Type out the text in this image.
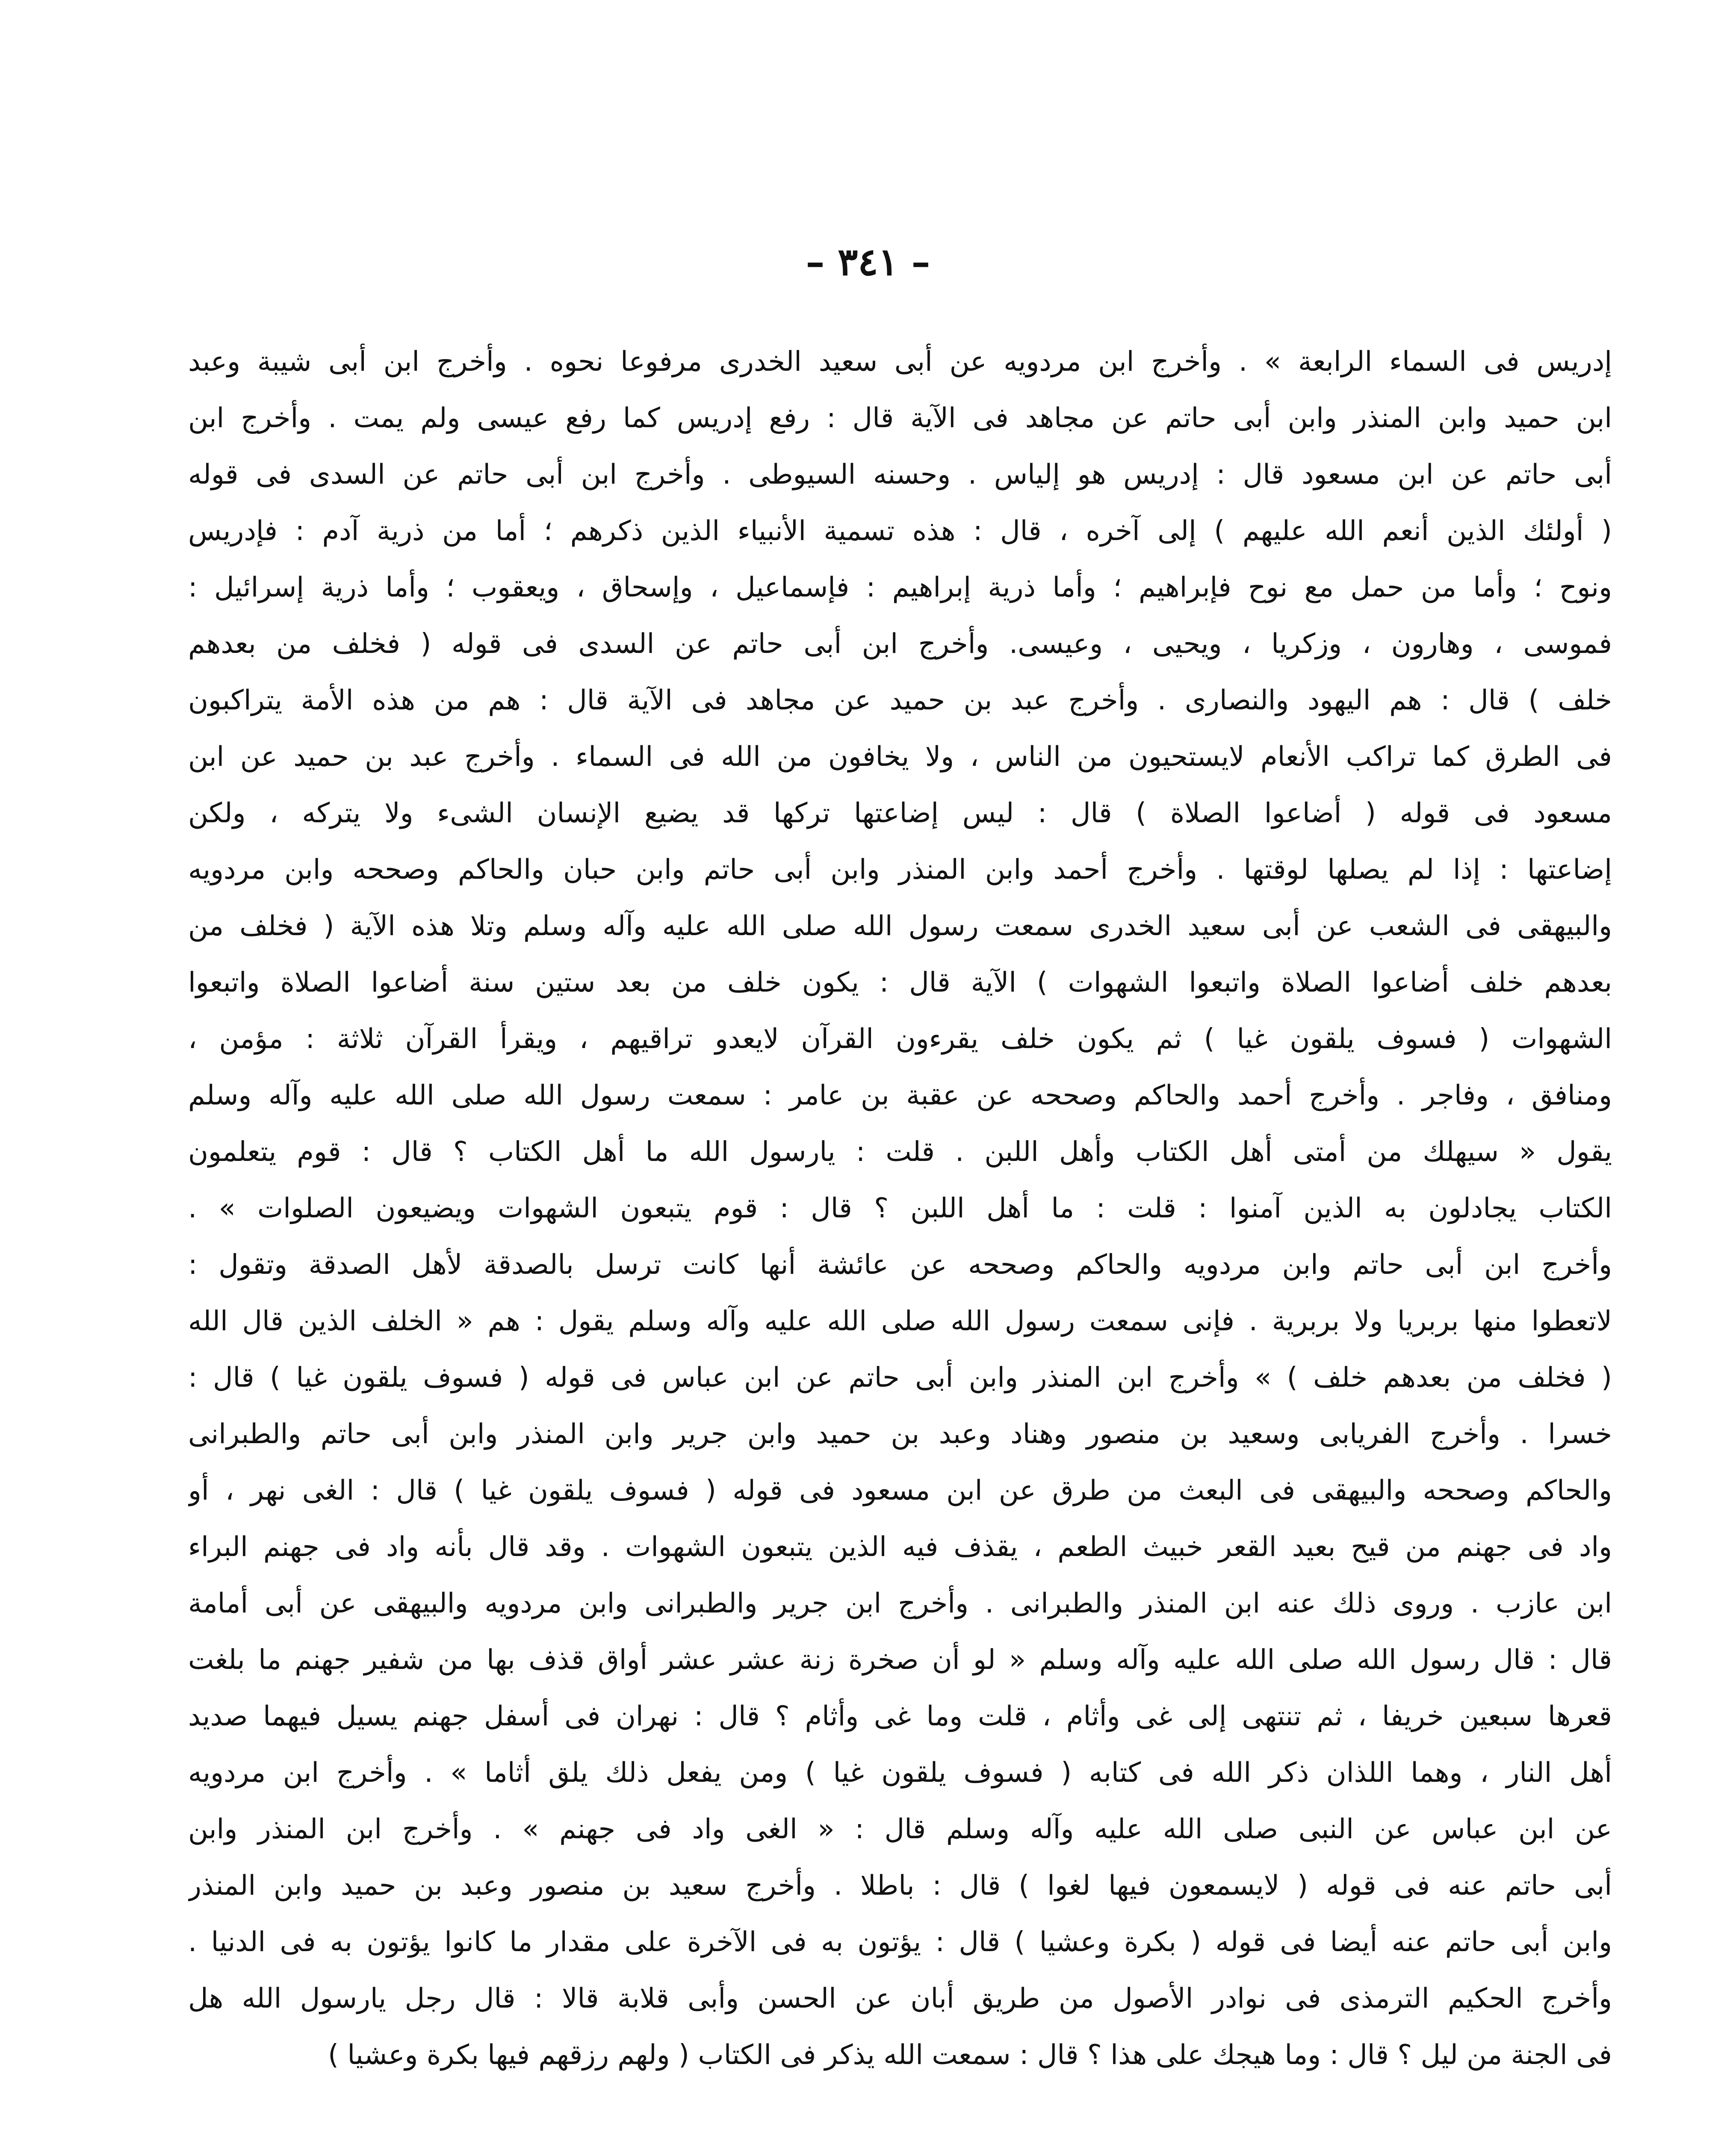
– ٣٤١ –
إدريس فى السماء الرابعة » . وأخرج ابن مردويه عن أبى سعيد الخدرى مرفوعا نحوه . وأخرج ابن أبى شيبة وعبد
ابن حميد وابن المنذر وابن أبى حاتم عن مجاهد فى الآية قال : رفع إدريس كما رفع عيسى ولم يمت . وأخرج ابن
أبى حاتم عن ابن مسعود قال : إدريس هو إلياس . وحسنه السيوطى . وأخرج ابن أبى حاتم عن السدى فى قوله
( أولئك الذين أنعم الله عليهم ) إلى آخره ، قال : هذه تسمية الأنبياء الذين ذكرهم ؛ أما من ذرية آدم : فإدريس
ونوح ؛ وأما من حمل مع نوح فإبراهيم ؛ وأما ذرية إبراهيم : فإسماعيل ، وإسحاق ، ويعقوب ؛ وأما ذرية إسرائيل :
فموسى ، وهارون ، وزكريا ، ويحيى ، وعيسى. وأخرج ابن أبى حاتم عن السدى فى قوله ( فخلف من بعدهم
خلف ) قال : هم اليهود والنصارى . وأخرج عبد بن حميد عن مجاهد فى الآية قال : هم من هذه الأمة يتراكبون
فى الطرق كما تراكب الأنعام لايستحيون من الناس ، ولا يخافون من الله فى السماء . وأخرج عبد بن حميد عن ابن
مسعود فى قوله ( أضاعوا الصلاة ) قال : ليس إضاعتها تركها قد يضيع الإنسان الشىء ولا يتركه ، ولكن
إضاعتها : إذا لم يصلها لوقتها . وأخرج أحمد وابن المنذر وابن أبى حاتم وابن حبان والحاكم وصححه وابن مردويه
والبيهقى فى الشعب عن أبى سعيد الخدرى سمعت رسول الله صلى الله عليه وآله وسلم وتلا هذه الآية ( فخلف من
بعدهم خلف أضاعوا الصلاة واتبعوا الشهوات ) الآية قال : يكون خلف من بعد ستين سنة أضاعوا الصلاة واتبعوا
الشهوات ( فسوف يلقون غيا ) ثم يكون خلف يقرءون القرآن لايعدو تراقيهم ، ويقرأ القرآن ثلاثة : مؤمن ،
ومنافق ، وفاجر . وأخرج أحمد والحاكم وصححه عن عقبة بن عامر : سمعت رسول الله صلى الله عليه وآله وسلم
يقول « سيهلك من أمتى أهل الكتاب وأهل اللبن . قلت : يارسول الله ما أهل الكتاب ؟ قال : قوم يتعلمون
الكتاب يجادلون به الذين آمنوا : قلت : ما أهل اللبن ؟ قال : قوم يتبعون الشهوات ويضيعون الصلوات » .
وأخرج ابن أبى حاتم وابن مردويه والحاكم وصححه عن عائشة أنها كانت ترسل بالصدقة لأهل الصدقة وتقول :
لاتعطوا منها بربريا ولا بربرية . فإنى سمعت رسول الله صلى الله عليه وآله وسلم يقول : هم « الخلف الذين قال الله
( فخلف من بعدهم خلف ) » وأخرج ابن المنذر وابن أبى حاتم عن ابن عباس فى قوله ( فسوف يلقون غيا ) قال :
خسرا . وأخرج الفريابى وسعيد بن منصور وهناد وعبد بن حميد وابن جرير وابن المنذر وابن أبى حاتم والطبرانى
والحاكم وصححه والبيهقى فى البعث من طرق عن ابن مسعود فى قوله ( فسوف يلقون غيا ) قال : الغى نهر ، أو
واد فى جهنم من قيح بعيد القعر خبيث الطعم ، يقذف فيه الذين يتبعون الشهوات . وقد قال بأنه واد فى جهنم البراء
ابن عازب . وروى ذلك عنه ابن المنذر والطبرانى . وأخرج ابن جرير والطبرانى وابن مردويه والبيهقى عن أبى أمامة
قال : قال رسول الله صلى الله عليه وآله وسلم « لو أن صخرة زنة عشر عشر أواق قذف بها من شفير جهنم ما بلغت
قعرها سبعين خريفا ، ثم تنتهى إلى غى وأثام ، قلت وما غى وأثام ؟ قال : نهران فى أسفل جهنم يسيل فيهما صديد
أهل النار ، وهما اللذان ذكر الله فى كتابه ( فسوف يلقون غيا ) ومن يفعل ذلك يلق أثاما » . وأخرج ابن مردويه
عن ابن عباس عن النبى صلى الله عليه وآله وسلم قال : « الغى واد فى جهنم » . وأخرج ابن المنذر وابن
أبى حاتم عنه فى قوله ( لايسمعون فيها لغوا ) قال : باطلا . وأخرج سعيد بن منصور وعبد بن حميد وابن المنذر
وابن أبى حاتم عنه أيضا فى قوله ( بكرة وعشيا ) قال : يؤتون به فى الآخرة على مقدار ما كانوا يؤتون به فى الدنيا .
وأخرج الحكيم الترمذى فى نوادر الأصول من طريق أبان عن الحسن وأبى قلابة قالا : قال رجل يارسول الله هل
فى الجنة من ليل ؟ قال : وما هيجك على هذا ؟ قال : سمعت الله يذكر فى الكتاب ( ولهم رزقهم فيها بكرة وعشيا )
